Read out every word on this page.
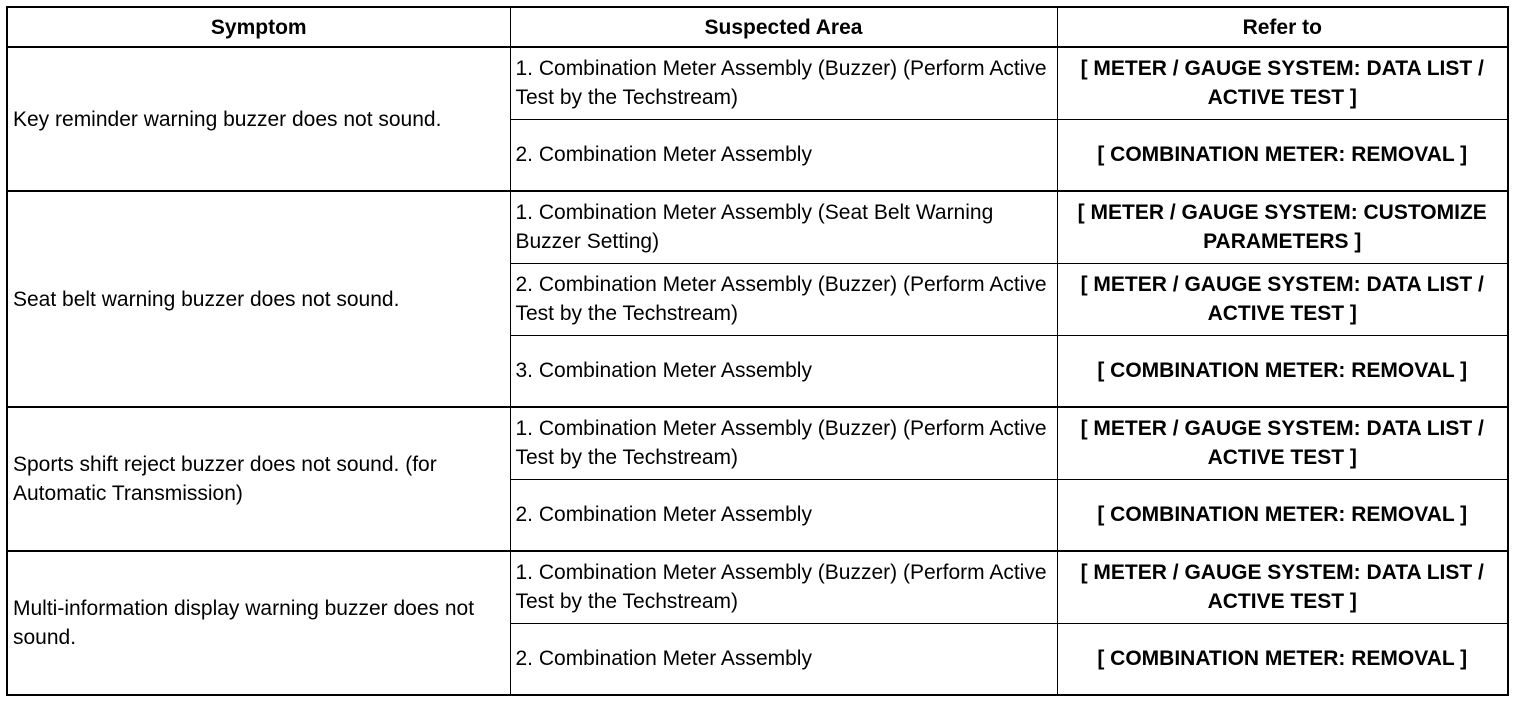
Symptom	Suspected Area	Refer to
Key reminder warning buzzer does not sound.	1. Combination Meter Assembly (Buzzer) (Perform Active Test by the Techstream)	[ METER / GAUGE SYSTEM: DATA LIST / ACTIVE TEST ]
	2. Combination Meter Assembly	[ COMBINATION METER: REMOVAL ]
Seat belt warning buzzer does not sound.	1. Combination Meter Assembly (Seat Belt Warning Buzzer Setting)	[ METER / GAUGE SYSTEM: CUSTOMIZE PARAMETERS ]
	2. Combination Meter Assembly (Buzzer) (Perform Active Test by the Techstream)	[ METER / GAUGE SYSTEM: DATA LIST / ACTIVE TEST ]
	3. Combination Meter Assembly	[ COMBINATION METER: REMOVAL ]
Sports shift reject buzzer does not sound. (for Automatic Transmission)	1. Combination Meter Assembly (Buzzer) (Perform Active Test by the Techstream)	[ METER / GAUGE SYSTEM: DATA LIST / ACTIVE TEST ]
	2. Combination Meter Assembly	[ COMBINATION METER: REMOVAL ]
Multi-information display warning buzzer does not sound.	1. Combination Meter Assembly (Buzzer) (Perform Active Test by the Techstream)	[ METER / GAUGE SYSTEM: DATA LIST / ACTIVE TEST ]
	2. Combination Meter Assembly	[ COMBINATION METER: REMOVAL ]
